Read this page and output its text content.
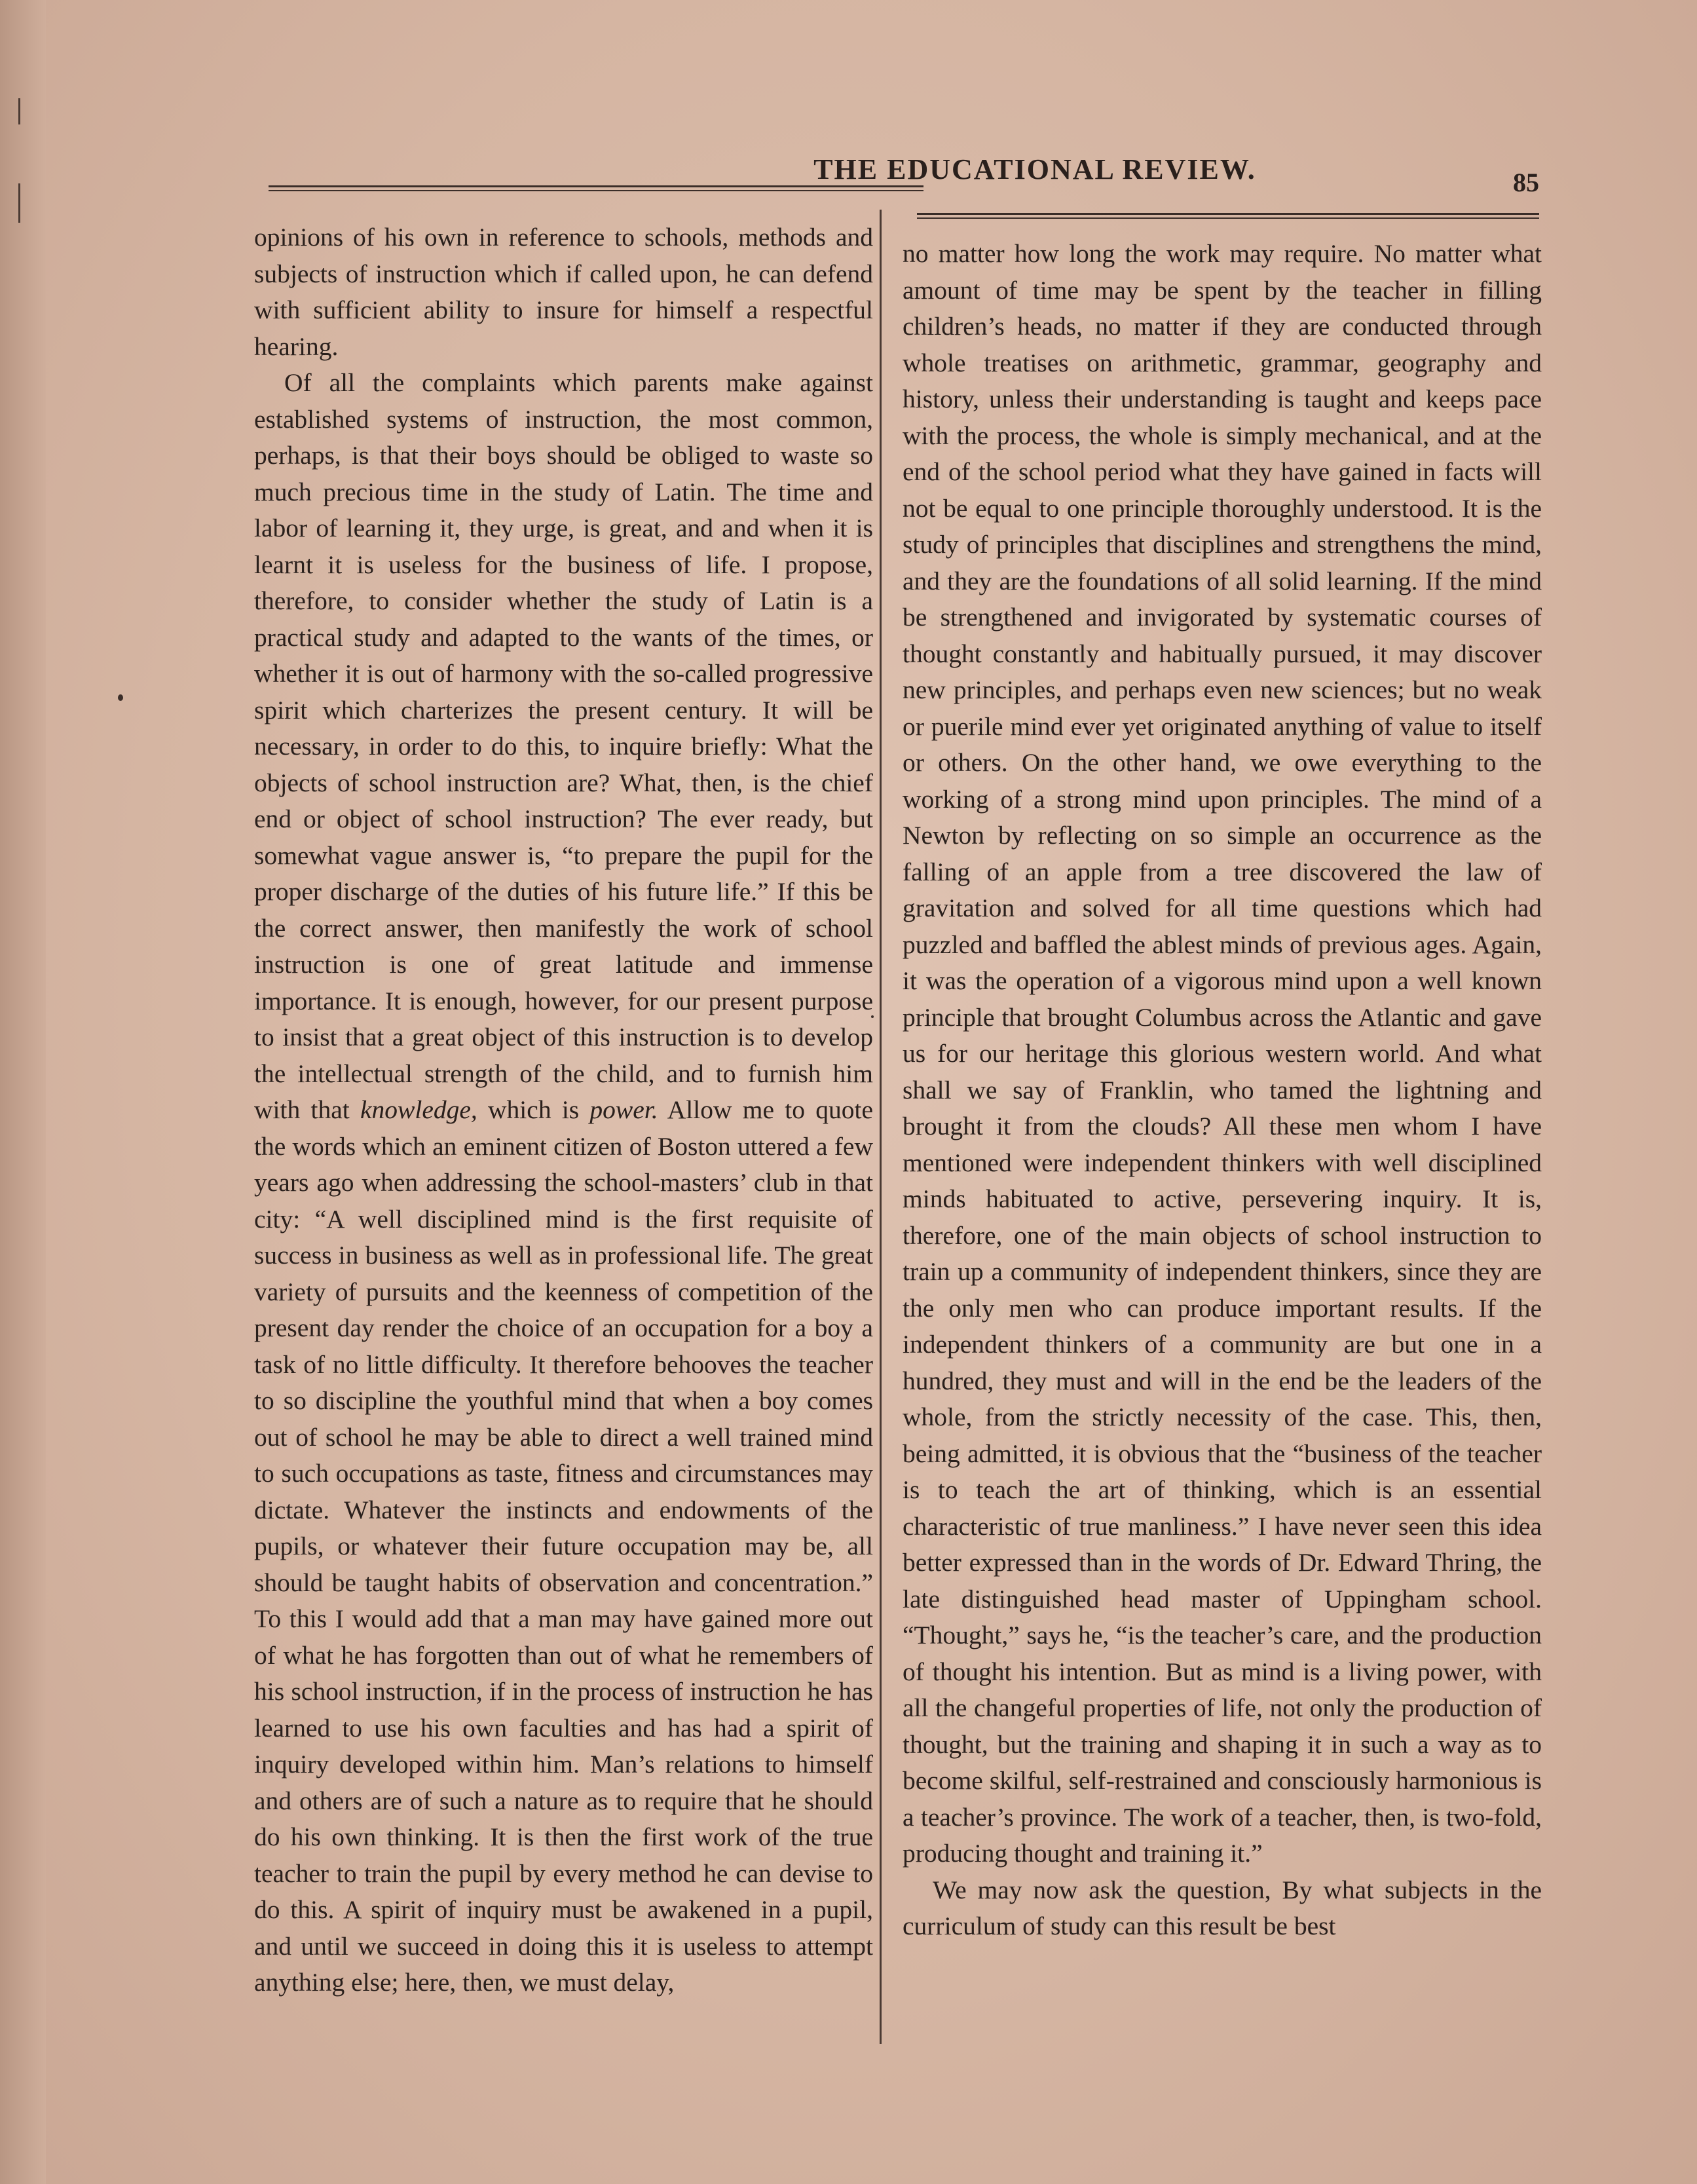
THE EDUCATIONAL REVIEW.	85

opinions of his own in reference to schools, methods and subjects of instruction which if called upon, he can defend with sufficient ability to insure for himself a respectful hearing.

Of all the complaints which parents make against established systems of instruction, the most common, perhaps, is that their boys should be obliged to waste so much precious time in the study of Latin. The time and labor of learning it, they urge, is great, and and when it is learnt it is useless for the business of life. I propose, therefore, to consider whether the study of Latin is a practical study and adapted to the wants of the times, or whether it is out of harmony with the so-called progressive spirit which charterizes the present century. It will be necessary, in order to do this, to inquire briefly: What the objects of school instruction are? What, then, is the chief end or object of school instruction? The ever ready, but somewhat vague answer is, “to prepare the pupil for the proper discharge of the duties of his future life.” If this be the correct answer, then manifestly the work of school instruction is one of great latitude and immense importance. It is enough, however, for our present purpose to insist that a great object of this instruction is to develop the intellectual strength of the child, and to furnish him with that knowledge, which is power. Allow me to quote the words which an eminent citizen of Boston uttered a few years ago when addressing the school-masters’ club in that city: “A well disciplined mind is the first requisite of success in business as well as in professional life. The great variety of pursuits and the keenness of competition of the present day render the choice of an occupation for a boy a task of no little difficulty. It therefore behooves the teacher to so discipline the youthful mind that when a boy comes out of school he may be able to direct a well trained mind to such occupations as taste, fitness and circumstances may dictate. Whatever the instincts and endowments of the pupils, or whatever their future occupation may be, all should be taught habits of observation and concentration.” To this I would add that a man may have gained more out of what he has forgotten than out of what he remembers of his school instruction, if in the process of instruction he has learned to use his own faculties and has had a spirit of inquiry developed within him. Man’s relations to himself and others are of such a nature as to require that he should do his own thinking. It is then the first work of the true teacher to train the pupil by every method he can devise to do this. A spirit of inquiry must be awakened in a pupil, and until we succeed in doing this it is useless to attempt anything else; here, then, we must delay,

no matter how long the work may require. No matter what amount of time may be spent by the teacher in filling children’s heads, no matter if they are conducted through whole treatises on arithmetic, grammar, geography and history, unless their understanding is taught and keeps pace with the process, the whole is simply mechanical, and at the end of the school period what they have gained in facts will not be equal to one principle thoroughly understood. It is the study of principles that disciplines and strengthens the mind, and they are the foundations of all solid learning. If the mind be strengthened and invigorated by systematic courses of thought constantly and habitually pursued, it may discover new principles, and perhaps even new sciences; but no weak or puerile mind ever yet originated anything of value to itself or others. On the other hand, we owe everything to the working of a strong mind upon principles. The mind of a Newton by reflecting on so simple an occurrence as the falling of an apple from a tree discovered the law of gravitation and solved for all time questions which had puzzled and baffled the ablest minds of previous ages. Again, it was the operation of a vigorous mind upon a well known principle that brought Columbus across the Atlantic and gave us for our heritage this glorious western world. And what shall we say of Franklin, who tamed the lightning and brought it from the clouds? All these men whom I have mentioned were independent thinkers with well disciplined minds habituated to active, persevering inquiry. It is, therefore, one of the main objects of school instruction to train up a community of independent thinkers, since they are the only men who can produce important results. If the independent thinkers of a community are but one in a hundred, they must and will in the end be the leaders of the whole, from the strictly necessity of the case. This, then, being admitted, it is obvious that the “business of the teacher is to teach the art of thinking, which is an essential characteristic of true manliness.” I have never seen this idea better expressed than in the words of Dr. Edward Thring, the late distinguished head master of Uppingham school. “Thought,” says he, “is the teacher’s care, and the production of thought his intention. But as mind is a living power, with all the changeful properties of life, not only the production of thought, but the training and shaping it in such a way as to become skilful, self-restrained and consciously harmonious is a teacher’s province. The work of a teacher, then, is two-fold, producing thought and training it.”

We may now ask the question, By what subjects in the curriculum of study can this result be best
